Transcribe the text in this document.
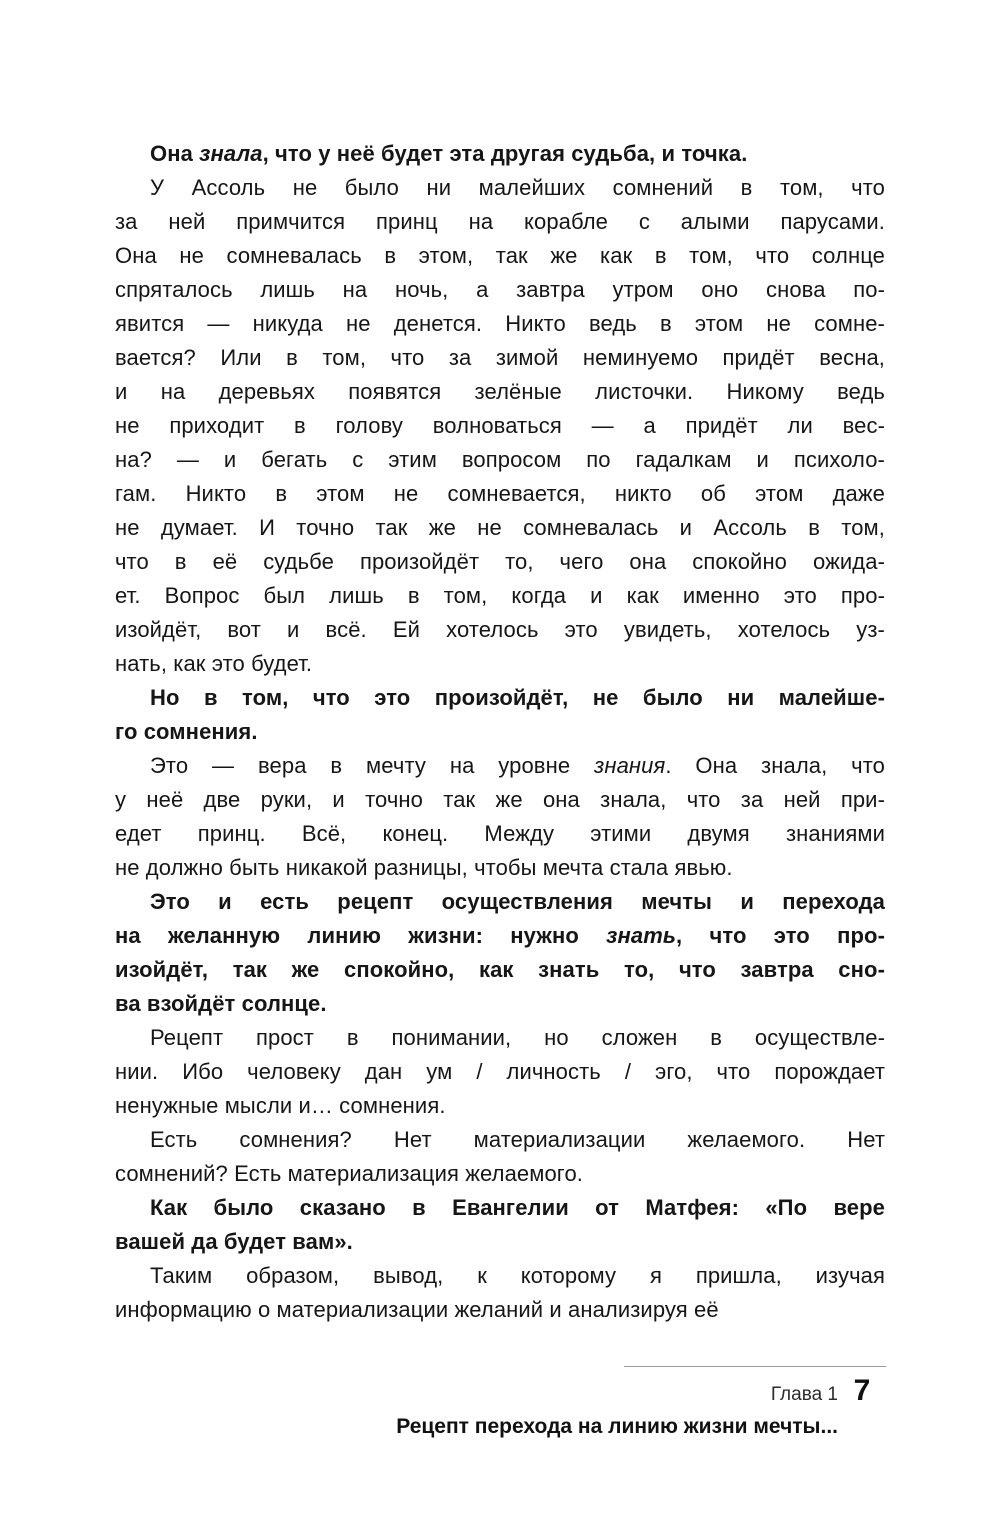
Она знала, что у неё будет эта другая судьба, и точка.
У Ассоль не было ни малейших сомнений в том, что
за ней примчится принц на корабле с алыми парусами.
Она не сомневалась в этом, так же как в том, что солнце
спряталось лишь на ночь, а завтра утром оно снова по-
явится — никуда не денется. Никто ведь в этом не сомне-
вается? Или в том, что за зимой неминуемо придёт весна,
и на деревьях появятся зелёные листочки. Никому ведь
не приходит в голову волноваться — а придёт ли вес-
на? — и бегать с этим вопросом по гадалкам и психоло-
гам. Никто в этом не сомневается, никто об этом даже
не думает. И точно так же не сомневалась и Ассоль в том,
что в её судьбе произойдёт то, чего она спокойно ожида-
ет. Вопрос был лишь в том, когда и как именно это про-
изойдёт, вот и всё. Ей хотелось это увидеть, хотелось уз-
нать, как это будет.
Но в том, что это произойдёт, не было ни малейше-
го сомнения.
Это — вера в мечту на уровне знания. Она знала, что
у неё две руки, и точно так же она знала, что за ней при-
едет принц. Всё, конец. Между этими двумя знаниями
не должно быть никакой разницы, чтобы мечта стала явью.
Это и есть рецепт осуществления мечты и перехода
на желанную линию жизни: нужно знать, что это про-
изойдёт, так же спокойно, как знать то, что завтра сно-
ва взойдёт солнце.
Рецепт прост в понимании, но сложен в осуществле-
нии. Ибо человеку дан ум / личность / эго, что порождает
ненужные мысли и… сомнения.
Есть сомнения? Нет материализации желаемого. Нет
сомнений? Есть материализация желаемого.
Как было сказано в Евангелии от Матфея: «По вере
вашей да будет вам».
Таким образом, вывод, к которому я пришла, изучая
информацию о материализации желаний и анализируя её
Глава 1 7
Рецепт перехода на линию жизни мечты...
